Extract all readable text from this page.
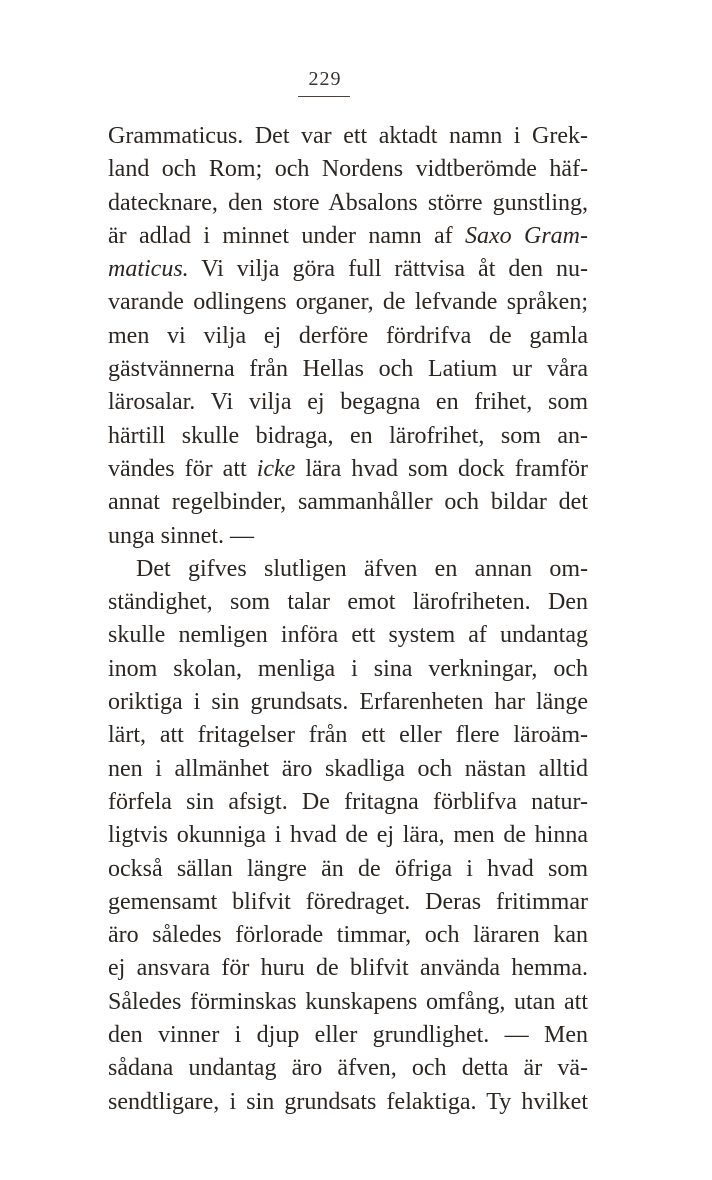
229
Grammaticus. Det var ett aktadt namn i Grek-
land och Rom; och Nordens vidtberömde häf-
datecknare, den store Absalons större gunstling,
är adlad i minnet under namn af Saxo Gram-
maticus. Vi vilja göra full rättvisa åt den nu-
varande odlingens organer, de lefvande språken;
men vi vilja ej derföre fördrifva de gamla
gästvännerna från Hellas och Latium ur våra
lärosalar. Vi vilja ej begagna en frihet, som
härtill skulle bidraga, en lärofrihet, som an-
vändes för att icke lära hvad som dock framför
annat regelbinder, sammanhåller och bildar det
unga sinnet. —
Det gifves slutligen äfven en annan om-
ständighet, som talar emot lärofriheten. Den
skulle nemligen införa ett system af undantag
inom skolan, menliga i sina verkningar, och
oriktiga i sin grundsats. Erfarenheten har länge
lärt, att fritagelser från ett eller flere läroäm-
nen i allmänhet äro skadliga och nästan alltid
förfela sin afsigt. De fritagna förblifva natur-
ligtvis okunniga i hvad de ej lära, men de hinna
också sällan längre än de öfriga i hvad som
gemensamt blifvit föredraget. Deras fritimmar
äro således förlorade timmar, och läraren kan
ej ansvara för huru de blifvit använda hemma.
Således förminskas kunskapens omfång, utan att
den vinner i djup eller grundlighet. — Men
sådana undantag äro äfven, och detta är vä-
sendtligare, i sin grundsats felaktiga. Ty hvilket
